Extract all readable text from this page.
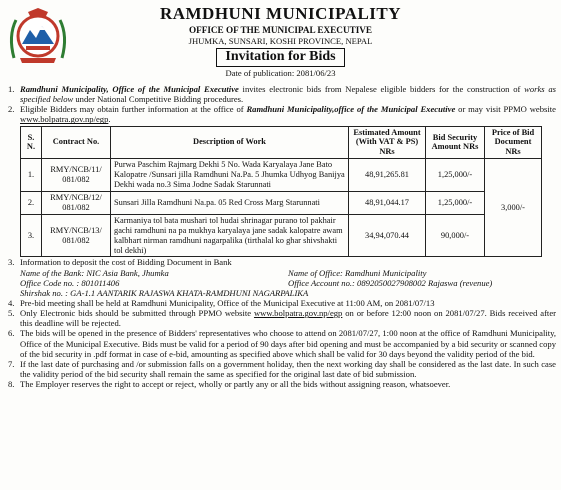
RAMDHUNI MUNICIPALITY
OFFICE OF THE MUNICIPAL EXECUTIVE
JHUMKA, SUNSARI, KOSHI PROVINCE, NEPAL
Invitation for Bids
Date of publication: 2081/06/23
1. Ramdhuni Municipality, Office of the Municipal Executive invites electronic bids from Nepalese eligible bidders for the construction of works as specified below under National Competitive Bidding procedures.
2. Eligible Bidders may obtain further information at the office of Ramdhuni Municipality,office of the Municipal Executive or may visit PPMO website www.bolpatra.gov.np/egp.
S. N.	Contract No.	Description of Work	Estimated Amount (With VAT & PS) NRs	Bid Security Amount NRs	Price of Bid Document NRs
1.	RMY/NCB/11/ 081/082	Purwa Paschim Rajmarg Dekhi 5 No. Wada Karyalaya Jane Bato Kalopatre /Sunsari jilla Ramdhuni Na.Pa. 5 Jhumka Udhyog Banijya Dekhi wada no.3 Sima Jodne Sadak Starunnati	48,91,265.81	1,25,000/-	3,000/-
2.	RMY/NCB/12/ 081/082	Sunsari Jilla Ramdhuni Na.pa. 05 Red Cross Marg Starunnati	48,91,044.17	1,25,000/-	
3.	RMY/NCB/13/ 081/082	Karmaniya tol bata mushari tol hudai shrinagar purano tol pakhair gachi ramdhuni na pa mukhya karyalaya jane sadak kalopatre awam kalbhart nirman ramdhuni nagarpalika (tirthalal ko ghar shivshakti tol dekhi)	34,94,070.44	90,000/-	
3. Information to deposit the cost of Bidding Document in Bank
Name of the Bank: NIC Asia Bank, Jhumka	Name of Office: Ramdhuni Municipality
Office Code no. : 801011406	Office Account no.: 0892050027908002 Rajaswa (revenue)
Shirshak no. : GA-1.1 AANTARIK RAJASWA KHATA-RAMDHUNI NAGARPALIKA
4. Pre-bid meeting shall be held at Ramdhuni Municipality, Office of the Municipal Executive at 11:00 AM, on 2081/07/13
5. Only Electronic bids should be submitted through PPMO website www.bolpatra.gov.np/egp on or before 12:00 noon on 2081/07/27. Bids received after this deadline will be rejected.
6. The bids will be opened in the presence of Bidders' representatives who choose to attend on 2081/07/27, 1:00 noon at the office of Ramdhuni Municipality, Office of the Municipal Executive. Bids must be valid for a period of 90 days after bid opening and must be accompanied by a bid security or scanned copy of the bid security in .pdf format in case of e-bid, amounting as specified above which shall be valid for 30 days beyond the validity period of the bid.
7. If the last date of purchasing and /or submission falls on a government holiday, then the next working day shall be considered as the last date. In such case the validity period of the bid security shall remain the same as specified for the original last date of bid submission.
8. The Employer reserves the right to accept or reject, wholly or partly any or all the bids without assigning reason, whatsoever.
